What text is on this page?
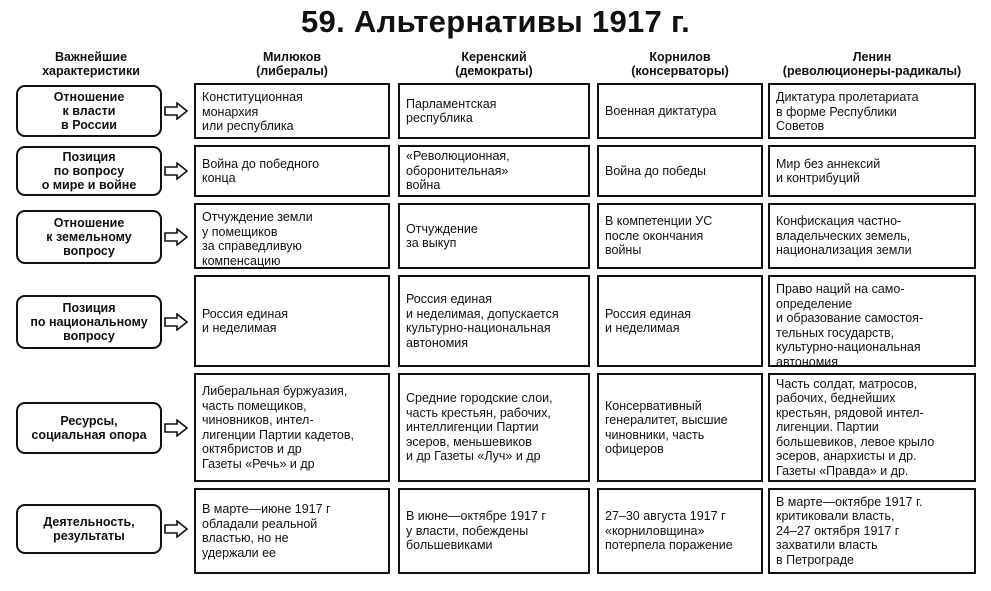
59. Альтернативы 1917 г.
Важнейшие
характеристики
Милюков
(либералы)
Керенский
(демократы)
Корнилов
(консерваторы)
Ленин
(революционеры-радикалы)
Отношение
к власти
в России
Конституционная
монархия
или республика
Парламентская
республика
Военная диктатура
Диктатура пролетариата
в форме Республики
Советов
Позиция
по вопросу
о мире и войне
Война до победного
конца
«Революционная,
оборонительная»
война
Война до победы
Мир без аннексий
и контрибуций
Отношение
к земельному
вопросу
Отчуждение земли
у помещиков
за справедливую
компенсацию
Отчуждение
за выкуп
В компетенции УС
после окончания
войны
Конфискация частно-
владельческих земель,
национализация земли
Позиция
по национальному
вопросу
Россия единая
и неделимая
Россия единая
и неделимая, допускается
культурно-национальная
автономия
Россия единая
и неделимая
Право наций на само-
определение
и образование самостоя-
тельных государств,
культурно-национальная
автономия
Ресурсы,
социальная опора
Либеральная буржуазия,
часть помещиков,
чиновников, интел-
лигенции Партии кадетов,
октябристов и др
Газеты «Речь» и др
Средние городские слои,
часть крестьян, рабочих,
интеллигенции Партии
эсеров, меньшевиков
и др Газеты «Луч» и др
Консервативный
генералитет, высшие
чиновники, часть
офицеров
Часть солдат, матросов,
рабочих, беднейших
крестьян, рядовой интел-
лигенции. Партии
большевиков, левое крыло
эсеров, анархисты и др.
Газеты «Правда» и др.
Деятельность,
результаты
В марте—июне 1917 г
обладали реальной
властью, но не
удержали ее
В июне—октябре 1917 г
у власти, побеждены
большевиками
27–30 августа 1917 г
«корниловщина»
потерпела поражение
В марте—октябре 1917 г.
критиковали власть,
24–27 октября 1917 г
захватили власть
в Петрограде
